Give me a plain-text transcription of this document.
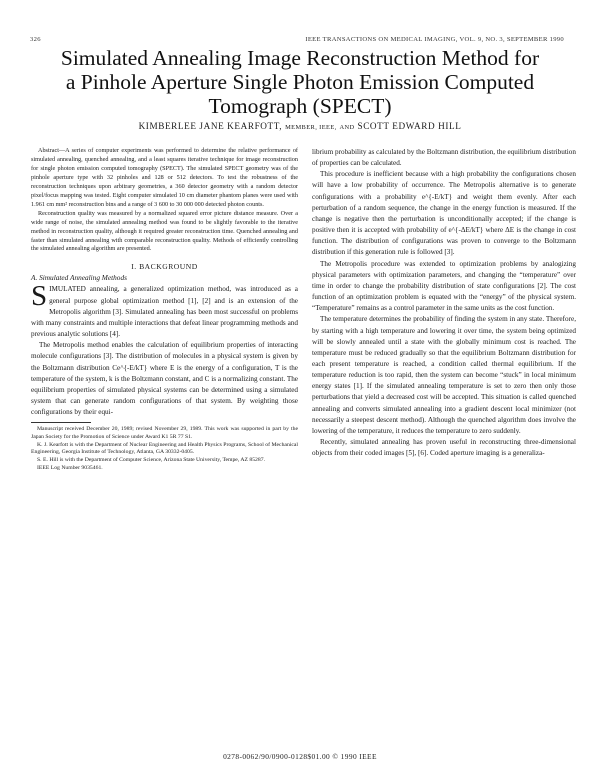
326	IEEE TRANSACTIONS ON MEDICAL IMAGING, VOL. 9, NO. 3, SEPTEMBER 1990
Simulated Annealing Image Reconstruction Method for a Pinhole Aperture Single Photon Emission Computed Tomograph (SPECT)
KIMBERLEE JANE KEARFOTT, MEMBER, IEEE, AND SCOTT EDWARD HILL

Abstract—A series of computer experiments was performed to determine the relative performance of simulated annealing, quenched annealing, and a least squares iterative technique for image reconstruction for single photon emission computed tomography (SPECT). The simulated SPECT geometry was of the pinhole aperture type with 32 pinholes and 128 or 512 detectors. To test the robustness of the reconstruction techniques upon arbitrary geometries, a 360 detector geometry with a random detector pixel/focus mapping was tested. Eight computer simulated 10 cm diameter phantom planes were used with 1.961 cm mm² reconstruction bins and a range of 3 600 to 30 000 000 detected photon counts.

Reconstruction quality was measured by a normalized squared error picture distance measure. Over a wide range of noise, the simulated annealing method was found to be slightly favorable to the iterative method in reconstruction quality, although it required greater reconstruction time. Quenched annealing and faster than simulated annealing with comparable reconstruction quality. Methods of efficiently controlling the simulated annealing algorithm are presented.

I. BACKGROUND
A. Simulated Annealing Methods

SIMULATED annealing, a generalized optimization method, was introduced as a general purpose global optimization method [1], [2] and is an extension of the Metropolis algorithm [3]. Simulated annealing has been most successful on problems with many constraints and multiple interactions that defeat linear programming methods and previous analytic solutions [4].

The Metropolis method enables the calculation of equilibrium properties of interacting molecule configurations [3]. The distribution of molecules in a physical system is given by the Boltzmann distribution Ce^{-E/kT} where E is the energy of a configuration, T is the temperature of the system, k is the Boltzmann constant, and C is a normalizing constant. The equilibrium properties of simulated physical systems can be determined using a simulated system that can generate random configurations of that system. By weighting those configurations by their equi-

Manuscript received December 20, 1989; revised November 29, 1989. This work was supported in part by the Japan Society for the Promotion of Science under Award K1 5R 77 S1.

K. J. Kearfott is with the Department of Nuclear Engineering and Health Physics Programs, School of Mechanical Engineering, Georgia Institute of Technology, Atlanta, GA 30332-0405.

S. E. Hill is with the Department of Computer Science, Arizona State University, Tempe, AZ 85287.

IEEE Log Number 9035461.

librium probability as calculated by the Boltzmann distribution, the equilibrium distribution of properties can be calculated.

This procedure is inefficient because with a high probability the configurations chosen will have a low probability of occurrence. The Metropolis alternative is to generate configurations with a probability e^{-E/kT} and weight them evenly. After each perturbation of a random sequence, the change in the energy function is measured. If the change is negative then the perturbation is unconditionally accepted; if the change is positive then it is accepted with probability of e^{-ΔE/kT} where ΔE is the change in cost function. The distribution of configurations was proven to converge to the Boltzmann distribution if this generation rule is followed [3].

The Metropolis procedure was extended to optimization problems by analogizing physical parameters with optimization parameters, and changing the “temperature” over time in order to change the probability distribution of state configurations [2]. The cost function of an optimization problem is equated with the “energy” of the physical system. “Temperature” remains as a control parameter in the same units as the cost function.

The temperature determines the probability of finding the system in any state. Therefore, by starting with a high temperature and lowering it over time, the system being optimized will be slowly annealed until a state with the globally minimum cost is reached. The temperature must be reduced gradually so that the equilibrium Boltzmann distribution for each present temperature is reached, a condition called thermal equilibrium. If the temperature reduction is too rapid, then the system can become “stuck” in local minimum energy states [1]. If the simulated annealing temperature is set to zero then only those perturbations that yield a decreased cost will be accepted. This situation is called quenched annealing and converts simulated annealing into a gradient descent local minimizer (not necessarily a steepest descent method). Although the quenched algorithm does involve the lowering of the temperature, it reduces the temperature to zero suddenly.

Recently, simulated annealing has proven useful in reconstructing three-dimensional objects from their coded images [5], [6]. Coded aperture imaging is a generaliza-

0278-0062/90/0900-0128$01.00 © 1990 IEEE
